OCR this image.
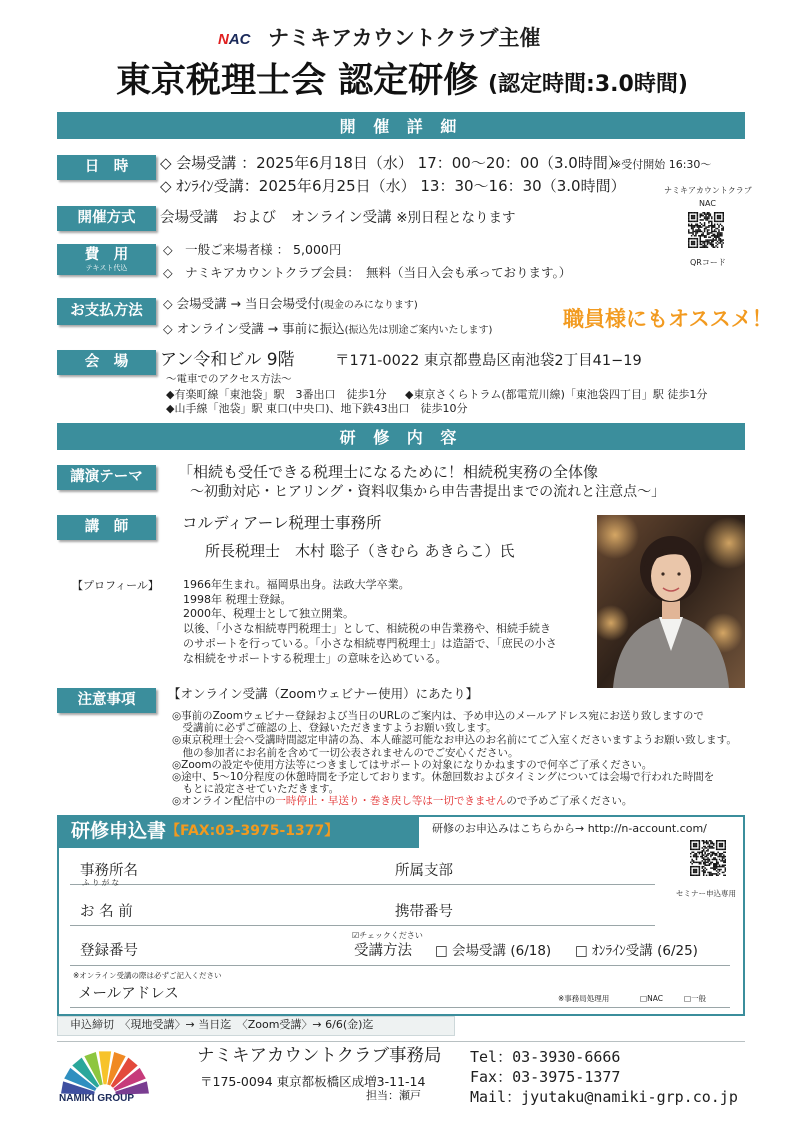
NAC ナミキアカウントクラブ主催
東京税理士会 認定研修 (認定時間:3.0時間)
開 催 詳 細
日　時	◇ 会場受講 ：2025年6月18日（水） 17：00～20：00（3.0時間）
※受付開始 16:30～
◇ ｵﾝﾗｲﾝ受講：2025年6月25日（水） 13：30～16：30（3.0時間）	ナミキアカウントクラブ
NAC
QRコード
開催方式	会場受講　および　オンライン受講 ※別日程となります
費　用
テキスト代込
◇　一般ご来場者様 ： 5,000円
◇　ナミキアカウントクラブ会員：　無料（当日入会も承っております。）
お支払方法	◇ 会場受講 → 当日会場受付(現金のみになります)
◇ オンライン受講 → 事前に振込(振込先は別途ご案内いたします)	職員様にもオススメ！
会　場	アン令和ビル 9階	〒171-0022 東京都豊島区南池袋2丁目41−19
～電車でのアクセス方法～
◆有楽町線「東池袋」駅　3番出口　徒歩1分 ◆東京さくらトラム(都電荒川線)「東池袋四丁目」駅 徒歩1分
◆山手線「池袋」駅 東口(中央口)、地下鉄43出口　徒歩10分
研 修 内 容
講演テーマ	「相続も受任できる税理士になるために！相続税実務の全体像
～初動対応・ヒアリング・資料収集から申告書提出までの流れと注意点～」
講　師	コルディアーレ税理士事務所
所長税理士　木村 聡子（きむら あきらこ）氏
【プロフィール】 1966年生まれ。福岡県出身。法政大学卒業。
1998年 税理士登録。
2000年、税理士として独立開業。
以後、「小さな相続専門税理士」として、相続税の申告業務や、相続手続き
のサポートを行っている。「小さな相続専門税理士」は造語で、「庶民の小さ
な相続をサポートする税理士」の意味を込めている。
注意事項	【オンライン受講（Zoomウェビナー使用）にあたり】
◎事前のZoomウェビナー登録および当日のURLのご案内は、予め申込のメールアドレス宛にお送り致しますので
　受講前に必ずご確認の上、登録いただきますようお願い致します。
◎東京税理士会へ受講時間認定申請の為、本人確認可能なお申込のお名前にてご入室くださいますようお願い致します。
　他の参加者にお名前を含めて一切公表されませんのでご安心ください。
◎Zoomの設定や使用方法等につきましてはサポートの対象になりかねますので何卒ご了承ください。
◎途中、5～10分程度の休憩時間を予定しております。休憩回数およびタイミングについては会場で行われた時間を
　もとに設定させていただきます。
◎オンライン配信中の一時停止・早送り・巻き戻し等は一切できませんので予めご了承ください。
研修申込書 【FAX:03-3975-1377】	研修のお申込みはこちらから→ http://n-account.com/
セミナー申込専用
事務所名	所属支部
ふ り が な
お 名 前	携帯番号
☑チェックください
登録番号	受講方法 □ 会場受講 (6/18) □ ｵﾝﾗｲﾝ受講 (6/25)
※オンライン受講の際は必ずご記入ください
メールアドレス	※事務局処理用	□NAC	□一般
申込締切　〈現地受講〉→ 当日迄　〈Zoom受講〉→ 6/6(金)迄
NAMIKI GROUP
ナミキアカウントクラブ事務局
〒175-0094 東京都板橋区成増3-11-14
担当：瀬戸
Tel：03-3930-6666
Fax：03-3975-1377
Mail：jyutaku@namiki-grp.co.jp
